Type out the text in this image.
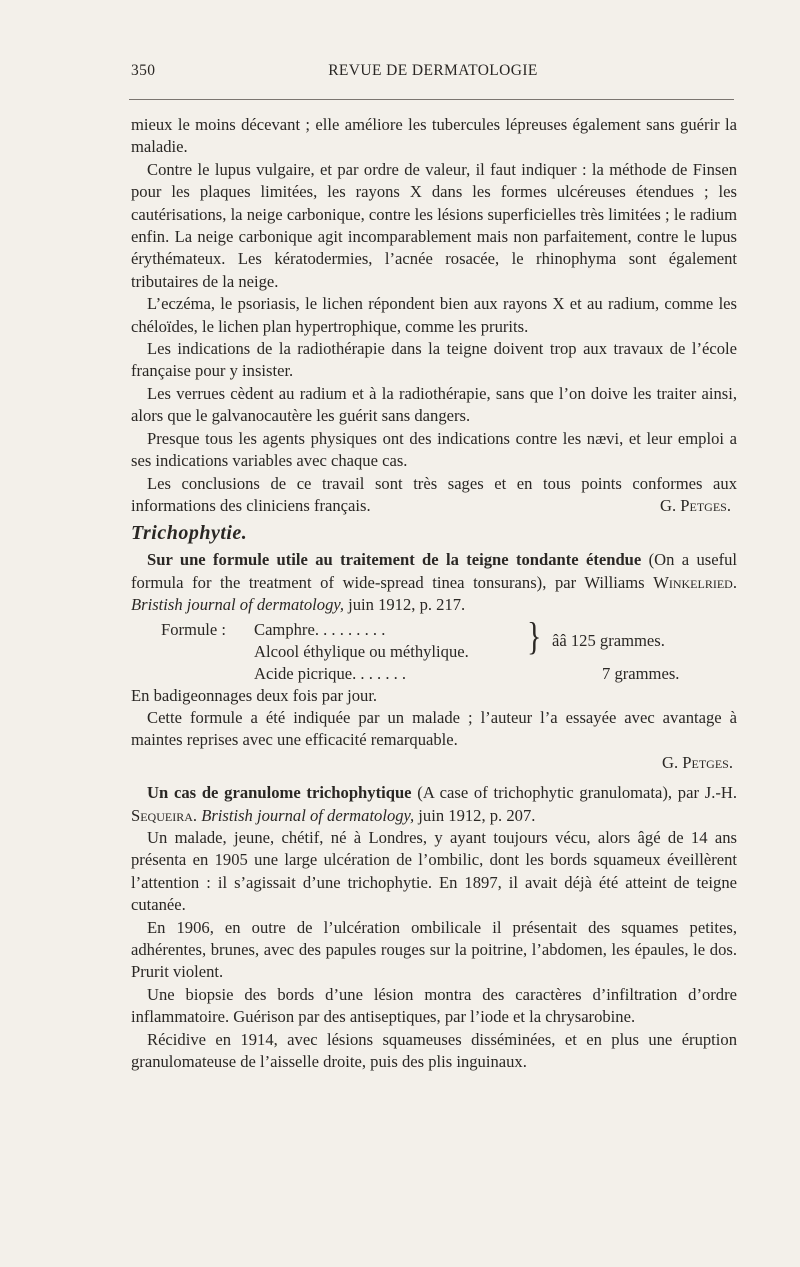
350	REVUE DE DERMATOLOGIE

mieux le moins décevant ; elle améliore les tubercules lépreuses également sans guérir la maladie.

Contre le lupus vulgaire, et par ordre de valeur, il faut indiquer : la méthode de Finsen pour les plaques limitées, les rayons X dans les formes ulcéreuses étendues ; les cautérisations, la neige carbonique, contre les lésions superficielles très limitées ; le radium enfin. La neige carbonique agit incomparablement mais non parfaitement, contre le lupus érythémateux. Les kératodermies, l’acnée rosacée, le rhinophyma sont également tributaires de la neige.

L’eczéma, le psoriasis, le lichen répondent bien aux rayons X et au radium, comme les chéloïdes, le lichen plan hypertrophique, comme les prurits.

Les indications de la radiothérapie dans la teigne doivent trop aux travaux de l’école française pour y insister.

Les verrues cèdent au radium et à la radiothérapie, sans que l’on doive les traiter ainsi, alors que le galvanocautère les guérit sans dangers.

Presque tous les agents physiques ont des indications contre les nævi, et leur emploi a ses indications variables avec chaque cas.

Les conclusions de ce travail sont très sages et en tous points conformes aux informations des cliniciens français.	G. Petges.

Trichophytie.

Sur une formule utile au traitement de la teigne tondante étendue (On a useful formula for the treatment of wide-spread tinea tonsurans), par Williams Winkelried. Bristish journal of dermatology, juin 1912, p. 217.

Formule : Camphre. . . . . . . . .
Alcool éthylique ou méthylique. } ââ 125 grammes.
Acide picrique. . . . . . .	7 grammes.

En badigeonnages deux fois par jour.

Cette formule a été indiquée par un malade ; l’auteur l’a essayée avec avantage à maintes reprises avec une efficacité remarquable.

G. Petges.

Un cas de granulome trichophytique (A case of trichophytic granulomata), par J.-H. Sequeira. Bristish journal of dermatology, juin 1912, p. 207.

Un malade, jeune, chétif, né à Londres, y ayant toujours vécu, alors âgé de 14 ans présenta en 1905 une large ulcération de l’ombilic, dont les bords squameux éveillèrent l’attention : il s’agissait d’une trichophytie. En 1897, il avait déjà été atteint de teigne cutanée.

En 1906, en outre de l’ulcération ombilicale il présentait des squames petites, adhérentes, brunes, avec des papules rouges sur la poitrine, l’abdomen, les épaules, le dos. Prurit violent.

Une biopsie des bords d’une lésion montra des caractères d’infiltration d’ordre inflammatoire. Guérison par des antiseptiques, par l’iode et la chrysarobine.

Récidive en 1914, avec lésions squameuses disséminées, et en plus une éruption granulomateuse de l’aisselle droite, puis des plis inguinaux.
